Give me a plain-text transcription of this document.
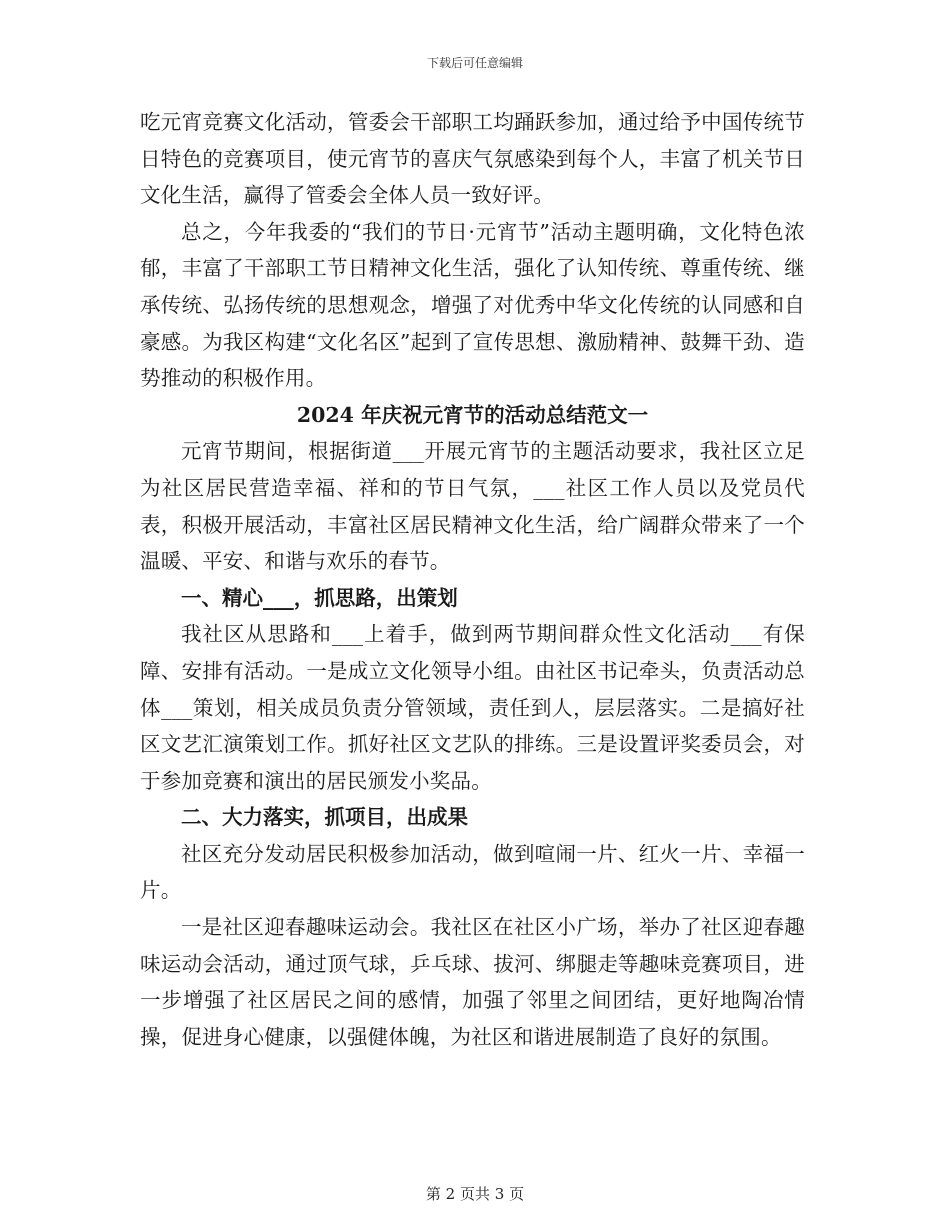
下载后可任意编辑

吃元宵竞赛文化活动，管委会干部职工均踊跃参加，通过给予中国传统节日特色的竞赛项目，使元宵节的喜庆气氛感染到每个人，丰富了机关节日文化生活，赢得了管委会全体人员一致好评。

总之，今年我委的“我们的节日·元宵节”活动主题明确，文化特色浓郁，丰富了干部职工节日精神文化生活，强化了认知传统、尊重传统、继承传统、弘扬传统的思想观念，增强了对优秀中华文化传统的认同感和自豪感。为我区构建“文化名区”起到了宣传思想、激励精神、鼓舞干劲、造势推动的积极作用。

2024 年庆祝元宵节的活动总结范文一

元宵节期间，根据街道___开展元宵节的主题活动要求，我社区立足为社区居民营造幸福、祥和的节日气氛，___社区工作人员以及党员代表，积极开展活动，丰富社区居民精神文化生活，给广阔群众带来了一个温暖、平安、和谐与欢乐的春节。

一、精心___，抓思路，出策划

我社区从思路和___上着手，做到两节期间群众性文化活动___有保障、安排有活动。一是成立文化领导小组。由社区书记牵头，负责活动总体___策划，相关成员负责分管领域，责任到人，层层落实。二是搞好社区文艺汇演策划工作。抓好社区文艺队的排练。三是设置评奖委员会，对于参加竞赛和演出的居民颁发小奖品。

二、大力落实，抓项目，出成果

社区充分发动居民积极参加活动，做到喧闹一片、红火一片、幸福一片。

一是社区迎春趣味运动会。我社区在社区小广场，举办了社区迎春趣味运动会活动，通过顶气球，乒乓球、拔河、绑腿走等趣味竞赛项目，进一步增强了社区居民之间的感情，加强了邻里之间团结，更好地陶冶情操，促进身心健康，以强健体魄，为社区和谐进展制造了良好的氛围。

第 2 页共 3 页
